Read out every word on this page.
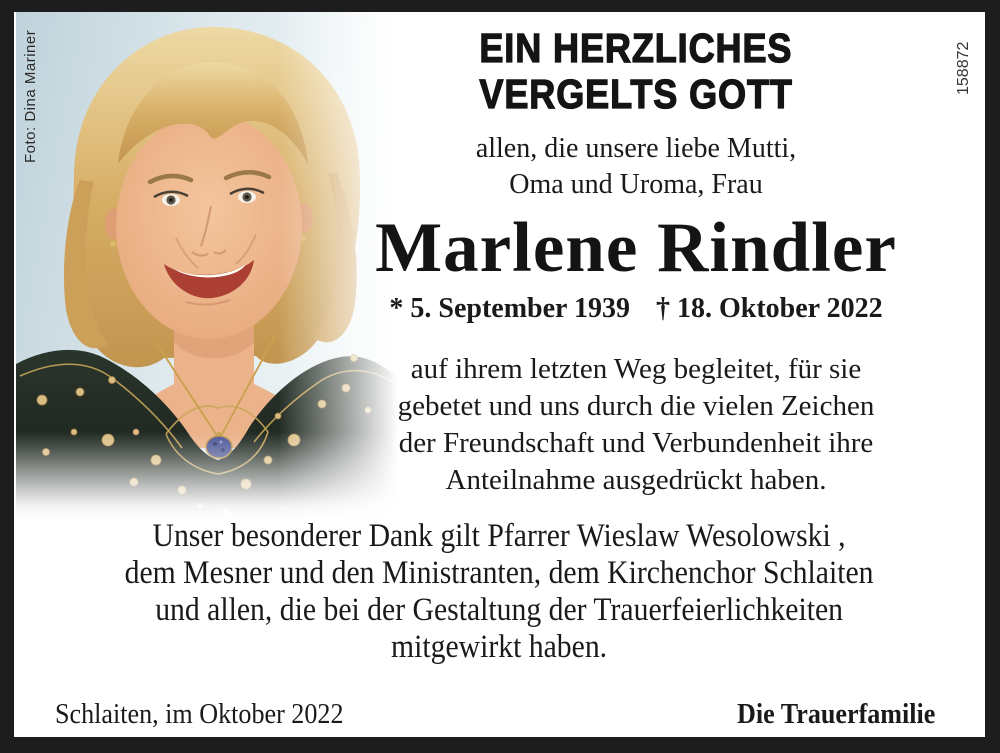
Foto: Dina Mariner	158872
EIN HERZLICHES
VERGELTS GOTT
allen, die unsere liebe Mutti,
Oma und Uroma, Frau
Marlene Rindler
* 5. September 1939 † 18. Oktober 2022
auf ihrem letzten Weg begleitet, für sie
gebetet und uns durch die vielen Zeichen
der Freundschaft und Verbundenheit ihre
Anteilnahme ausgedrückt haben.
Unser besonderer Dank gilt Pfarrer Wieslaw Wesolowski ,
dem Mesner und den Ministranten, dem Kirchenchor Schlaiten
und allen, die bei der Gestaltung der Trauerfeierlichkeiten
mitgewirkt haben.
Schlaiten, im Oktober 2022	Die Trauerfamilie
